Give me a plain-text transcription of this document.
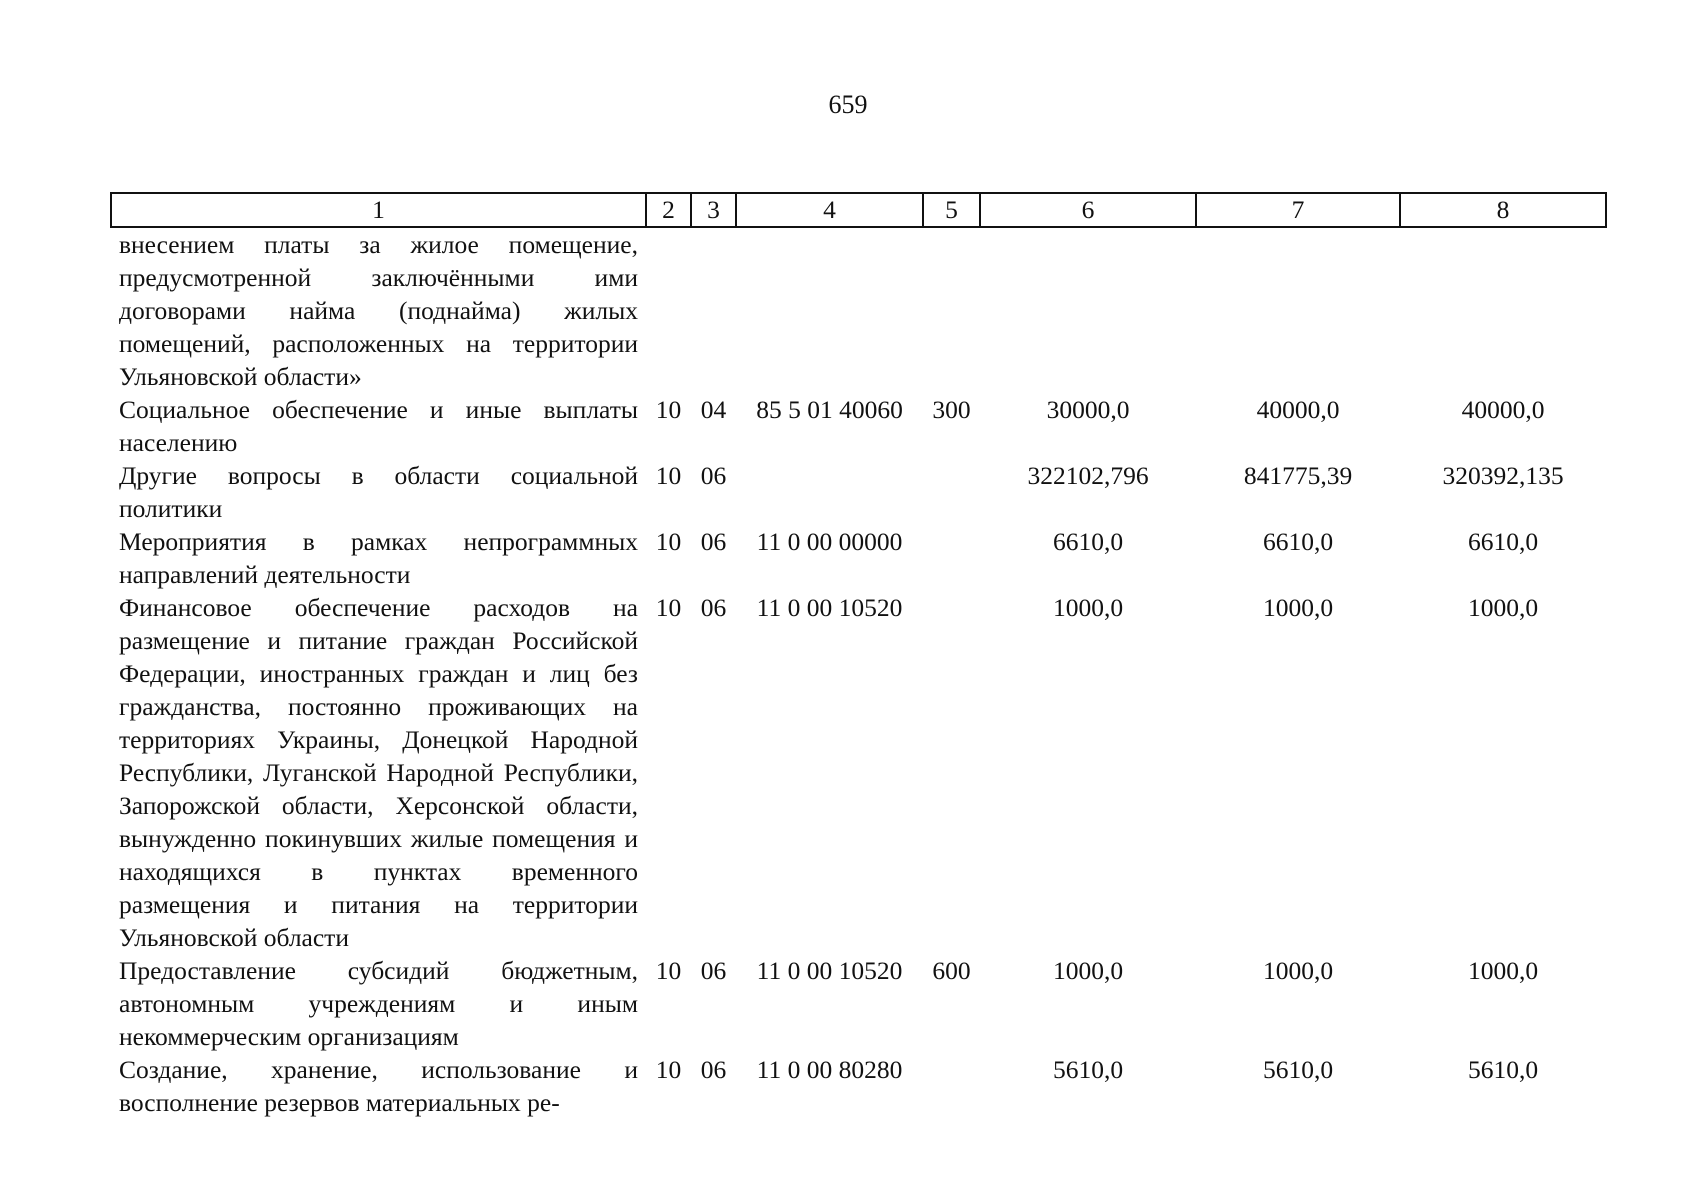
659
1	2	3	4	5	6	7	8
внесением платы за жилое помещение, предусмотренной заключёнными ими договорами найма (поднайма) жилых помещений, расположенных на территории Ульяновской области»							
Социальное обеспечение и иные выплаты населению	10	04	85 5 01 40060	300	30000,0	40000,0	40000,0
Другие вопросы в области социальной политики	10	06			322102,796	841775,39	320392,135
Мероприятия в рамках непрограммных направлений деятельности	10	06	11 0 00 00000		6610,0	6610,0	6610,0
Финансовое обеспечение расходов на размещение и питание граждан Российской Федерации, иностранных граждан и лиц без гражданства, постоянно проживающих на территориях Украины, Донецкой Народной Республики, Луганской Народной Республики, Запорожской области, Херсонской области, вынужденно покинувших жилые помещения и находящихся в пунктах временного размещения и питания на территории Ульяновской области	10	06	11 0 00 10520		1000,0	1000,0	1000,0
Предоставление субсидий бюджетным, автономным учреждениям и иным некоммерческим организациям	10	06	11 0 00 10520	600	1000,0	1000,0	1000,0
Создание, хранение, использование и восполнение резервов материальных ре-	10	06	11 0 00 80280		5610,0	5610,0	5610,0
